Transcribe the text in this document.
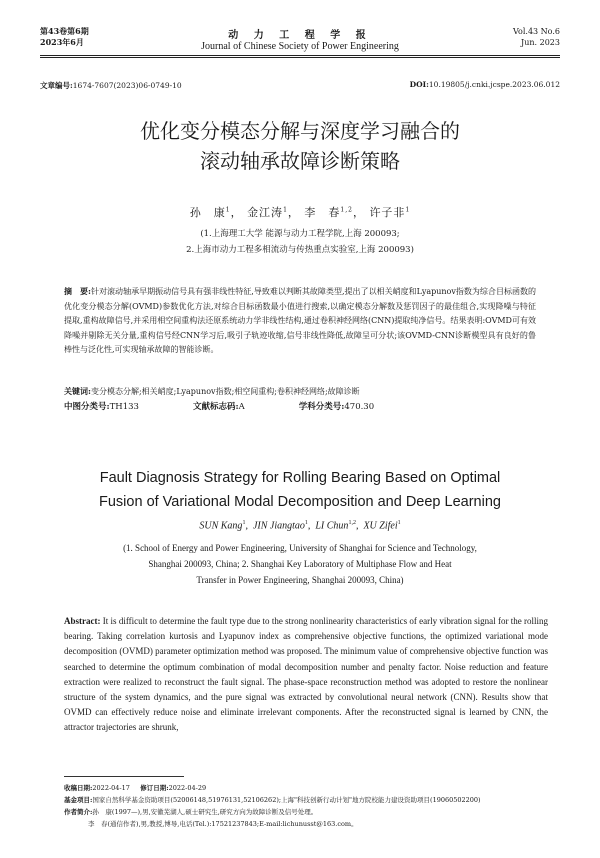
第43卷第6期
2023年6月
动 力 工 程 学 报
Journal of Chinese Society of Power Engineering
Vol.43 No.6
Jun. 2023
文章编号:1674-7607(2023)06-0749-10	DOI:10.19805/j.cnki.jcspe.2023.06.012
优化变分模态分解与深度学习融合的
滚动轴承故障诊断策略
孙　康$^1$， 金江涛$^1$， 李　春$^{1,2}$， 许子非$^1$
(1.上海理工大学 能源与动力工程学院,上海 200093;
2.上海市动力工程多相流动与传热重点实验室,上海 200093)
摘　要:针对滚动轴承早期振动信号具有强非线性特征,导致难以判断其故障类型,提出了以相关峭度和Lyapunov指数为综合目标函数的优化变分模态分解(OVMD)参数优化方法,对综合目标函数最小值进行搜索,以确定模态分解数及惩罚因子的最佳组合,实现降噪与特征提取,重构故障信号,并采用相空间重构法还原系统动力学非线性结构,通过卷积神经网络(CNN)提取纯净信号。结果表明:OVMD可有效降噪并剔除无关分量,重构信号经CNN学习后,吸引子轨迹收缩,信号非线性降低,故障呈可分状;该OVMD-CNN诊断模型具有良好的鲁棒性与泛化性,可实现轴承故障的智能诊断。
关键词:变分模态分解;相关峭度;Lyapunov指数;相空间重构;卷积神经网络;故障诊断
中图分类号:TH133	文献标志码:A	学科分类号:470.30
Fault Diagnosis Strategy for Rolling Bearing Based on Optimal
Fusion of Variational Modal Decomposition and Deep Learning
SUN Kang$^1$,  JIN Jiangtao$^1$,  LI Chun$^{1,2}$,  XU Zifei$^1$
(1. School of Energy and Power Engineering, University of Shanghai for Science and Technology,
Shanghai 200093, China; 2. Shanghai Key Laboratory of Multiphase Flow and Heat
Transfer in Power Engineering, Shanghai 200093, China)
Abstract: It is difficult to determine the fault type due to the strong nonlinearity characteristics of early vibration signal for the rolling bearing. Taking correlation kurtosis and Lyapunov index as comprehensive objective functions, the optimized variational mode decomposition (OVMD) parameter optimization method was proposed. The minimum value of comprehensive objective function was searched to determine the optimum combination of modal decomposition number and penalty factor. Noise reduction and feature extraction were realized to reconstruct the fault signal. The phase-space reconstruction method was adopted to restore the nonlinear structure of the system dynamics, and the pure signal was extracted by convolutional neural network (CNN). Results show that OVMD can effectively reduce noise and eliminate irrelevant components. After the reconstructed signal is learned by CNN, the attractor trajectories are shrunk,
收稿日期:2022-04-17 修订日期:2022-04-29
基金项目:国家自然科学基金资助项目(52006148,51976131,52106262);上海"科技创新行动计划"地方院校能力建设资助项目(19060502200)
作者简介:孙　康(1997—),男,安徽芜湖人,硕士研究生,研究方向为故障诊断及信号处理。
李　春(通信作者),男,教授,博导,电话(Tel.):17521237843;E-mail:lichunusst@163.com。
